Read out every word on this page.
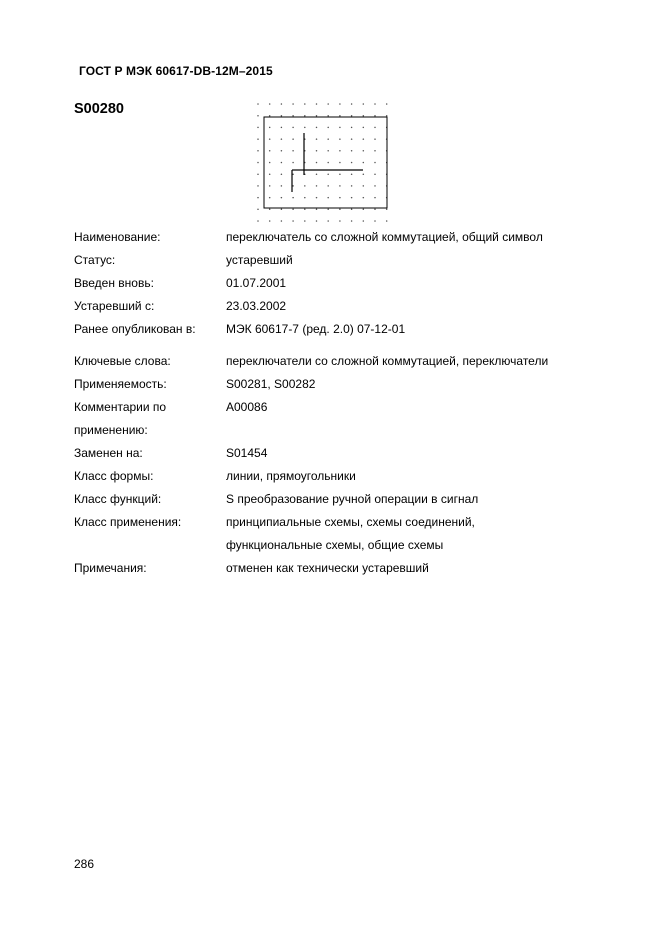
ГОСТ Р МЭК 60617-DB-12M–2015
S00280
Наименование:	переключатель со сложной коммутацией, общий символ
Статус:	устаревший
Введен вновь:	01.07.2001
Устаревший с:	23.03.2002
Ранее опубликован в:	МЭК 60617-7 (ред. 2.0) 07-12-01
Ключевые слова:	переключатели со сложной коммутацией, переключатели
Применяемость:	S00281, S00282
Комментарии по применению:
A00086
Заменен на:	S01454
Класс формы:	линии, прямоугольники
Класс функций:	S преобразование ручной операции в сигнал
Класс применения:	принципиальные схемы, схемы соединений, функциональные схемы, общие схемы
Примечания:	отменен как технически устаревший
286
